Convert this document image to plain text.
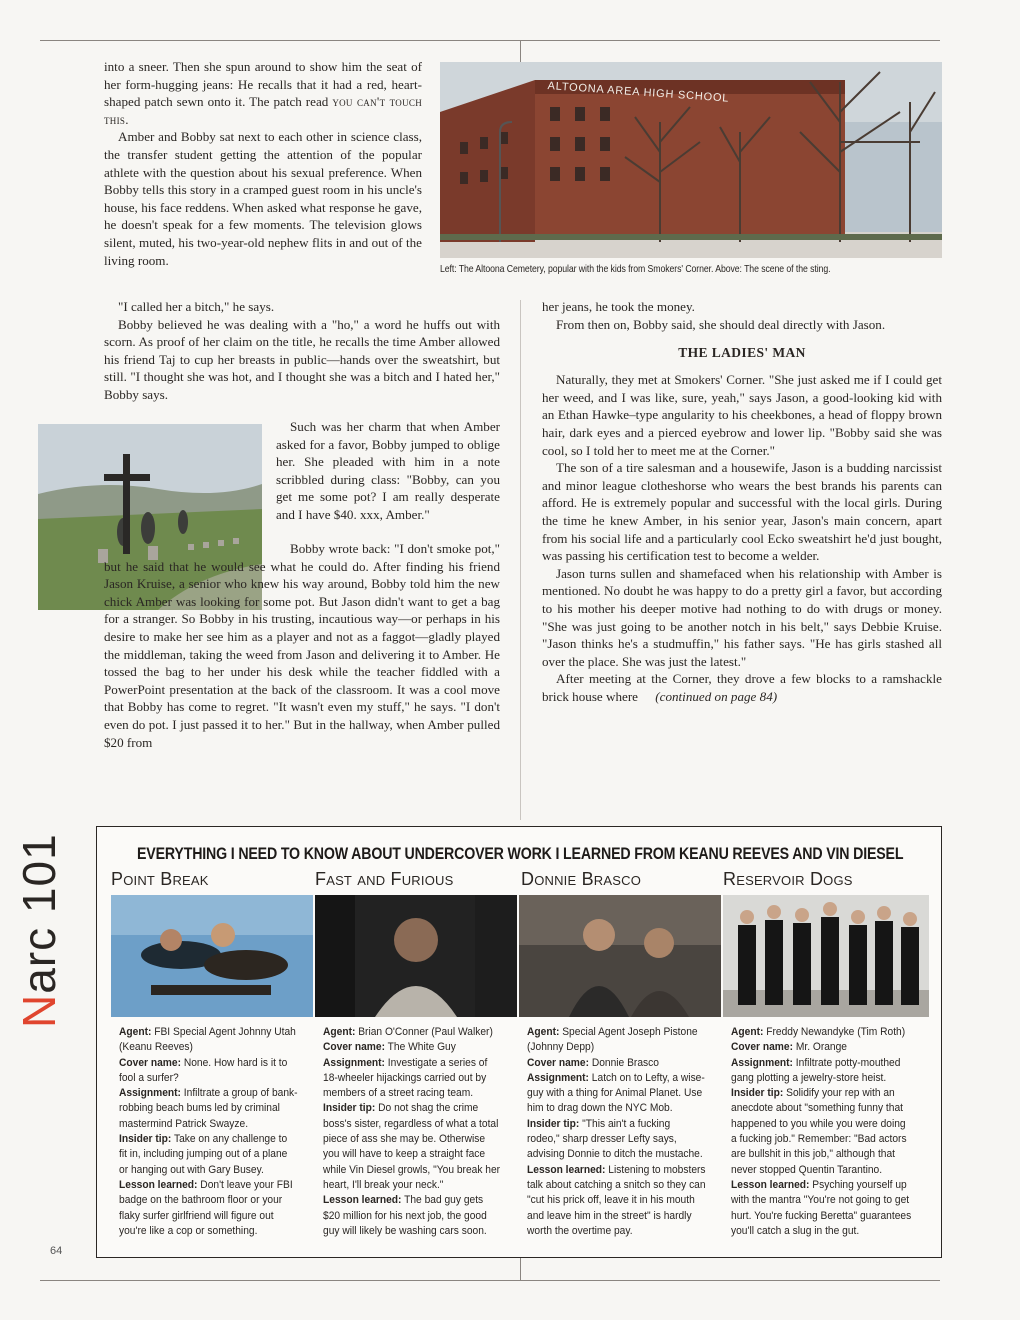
ALTOONA AREA HIGH SCHOOL
Left: The Altoona Cemetery, popular with the kids from Smokers' Corner. Above: The scene of the sting.

into a sneer. Then she spun around to show him the seat of her form-hugging jeans: He recalls that it had a red, heart-shaped patch sewn onto it. The patch read you can't touch this.

Amber and Bobby sat next to each other in science class, the transfer student getting the attention of the popular athlete with the question about his sexual preference. When Bobby tells this story in a cramped guest room in his uncle's house, his face reddens. When asked what response he gave, he doesn't speak for a few moments. The television glows silent, muted, his two-year-old nephew flits in and out of the living room.

"I called her a bitch," he says.

Bobby believed he was dealing with a "ho," a word he huffs out with scorn. As proof of her claim on the title, he recalls the time Amber allowed his friend Taj to cup her breasts in public—hands over the sweatshirt, but still. "I thought she was hot, and I thought she was a bitch and I hated her," Bobby says.

Such was her charm that when Amber asked for a favor, Bobby jumped to oblige her. She pleaded with him in a note scribbled during class: "Bobby, can you get me some pot? I am really desperate and I have $40. xxx, Amber."

Bobby wrote back: "I don't smoke pot," but he said that he would see what he could do. After finding his friend Jason Kruise, a senior who knew his way around, Bobby told him the new chick Amber was looking for some pot. But Jason didn't want to get a bag for a stranger. So Bobby in his trusting, incautious way—or perhaps in his desire to make her see him as a player and not as a faggot—gladly played the middleman, taking the weed from Jason and delivering it to Amber. He tossed the bag to her under his desk while the teacher fiddled with a PowerPoint presentation at the back of the classroom. It was a cool move that Bobby has come to regret. "It wasn't even my stuff," he says. "I don't even do pot. I just passed it to her." But in the hallway, when Amber pulled $20 from

her jeans, he took the money.

From then on, Bobby said, she should deal directly with Jason.

THE LADIES' MAN

Naturally, they met at Smokers' Corner. "She just asked me if I could get her weed, and I was like, sure, yeah," says Jason, a good-looking kid with an Ethan Hawke–type angularity to his cheekbones, a head of floppy brown hair, dark eyes and a pierced eyebrow and lower lip. "Bobby said she was cool, so I told her to meet me at the Corner."

The son of a tire salesman and a housewife, Jason is a budding narcissist and minor league clotheshorse who wears the best brands his parents can afford. He is extremely popular and successful with the local girls. During the time he knew Amber, in his senior year, Jason's main concern, apart from his social life and a particularly cool Ecko sweatshirt he'd just bought, was passing his certification test to become a welder.

Jason turns sullen and shamefaced when his relationship with Amber is mentioned. No doubt he was happy to do a pretty girl a favor, but according to his mother his deeper motive had nothing to do with drugs or money. "She was just going to be another notch in his belt," says Debbie Kruise. "Jason thinks he's a studmuffin," his father says. "He has girls stashed all over the place. She was just the latest."

After meeting at the Corner, they drove a few blocks to a ramshackle brick house where (continued on page 84)

Narc 101	EVERYTHING I NEED TO KNOW ABOUT UNDERCOVER WORK I LEARNED FROM KEANU REEVES AND VIN DIESEL
Point Break	Fast and Furious	Donnie Brasco	Reservoir Dogs
Agent: FBI Special Agent Johnny Utah (Keanu Reeves)
Cover name: None. How hard is it to fool a surfer?
Assignment: Infiltrate a group of bank-robbing beach bums led by criminal mastermind Patrick Swayze.
Insider tip: Take on any challenge to fit in, including jumping out of a plane or hanging out with Gary Busey.
Lesson learned: Don't leave your FBI badge on the bathroom floor or your flaky surfer girlfriend will figure out you're like a cop or something.
Agent: Brian O'Conner (Paul Walker)
Cover name: The White Guy
Assignment: Investigate a series of 18-wheeler hijackings carried out by members of a street racing team.
Insider tip: Do not shag the crime boss's sister, regardless of what a total piece of ass she may be. Otherwise you will have to keep a straight face while Vin Diesel growls, "You break her heart, I'll break your neck."
Lesson learned: The bad guy gets $20 million for his next job, the good guy will likely be washing cars soon.
Agent: Special Agent Joseph Pistone (Johnny Depp)
Cover name: Donnie Brasco
Assignment: Latch on to Lefty, a wise-guy with a thing for Animal Planet. Use him to drag down the NYC Mob.
Insider tip: "This ain't a fucking rodeo," sharp dresser Lefty says, advising Donnie to ditch the mustache.
Lesson learned: Listening to mobsters talk about catching a snitch so they can "cut his prick off, leave it in his mouth and leave him in the street" is hardly worth the overtime pay.
Agent: Freddy Newandyke (Tim Roth)
Cover name: Mr. Orange
Assignment: Infiltrate potty-mouthed gang plotting a jewelry-store heist.
Insider tip: Solidify your rep with an anecdote about "something funny that happened to you while you were doing a fucking job." Remember: "Bad actors are bullshit in this job," although that never stopped Quentin Tarantino.
Lesson learned: Psyching yourself up with the mantra "You're not going to get hurt. You're fucking Beretta" guarantees you'll catch a slug in the gut.
64
